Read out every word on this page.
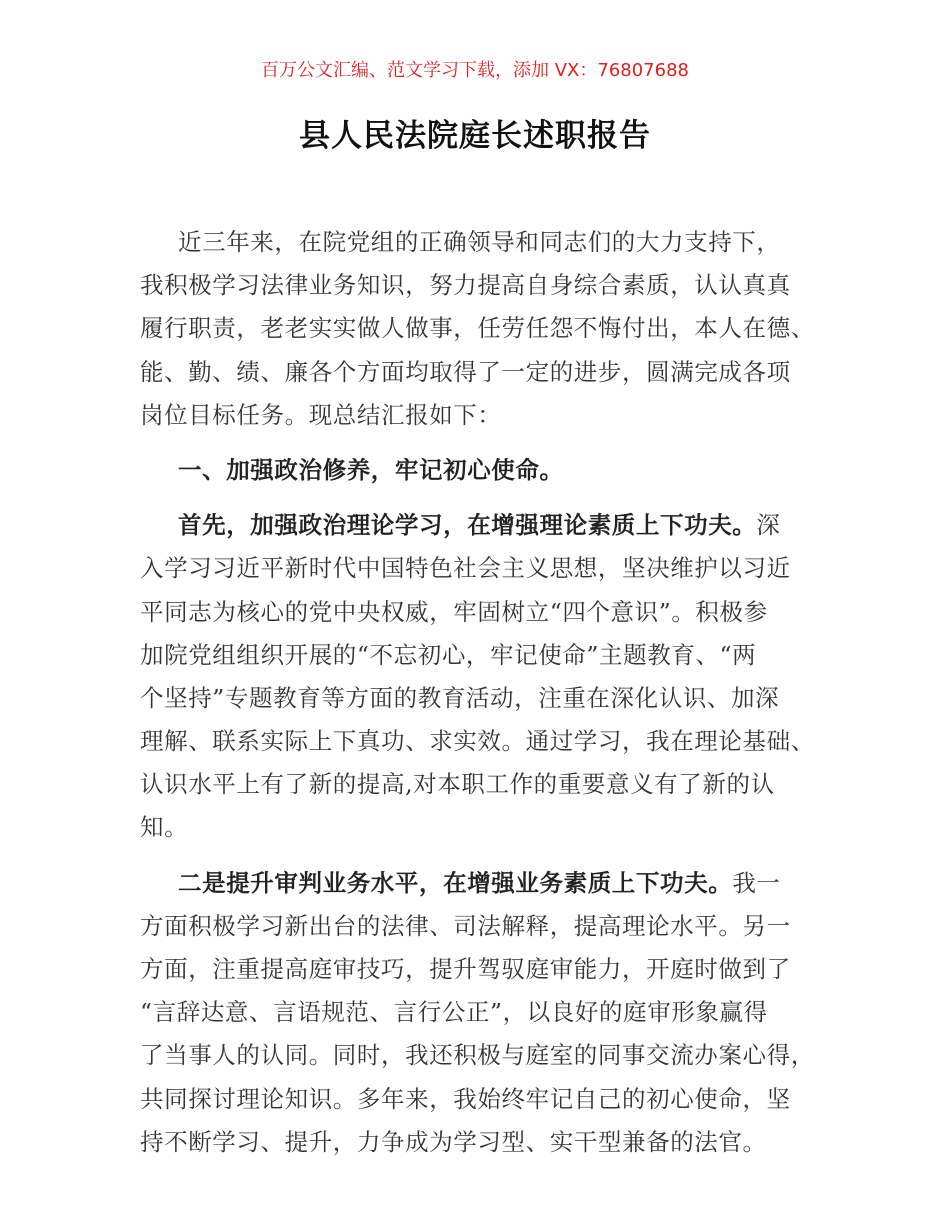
百万公文汇编、范文学习下载，添加 VX：76807688
县人民法院庭长述职报告
近三年来，在院党组的正确领导和同志们的大力支持下，
我积极学习法律业务知识，努力提高自身综合素质，认认真真
履行职责，老老实实做人做事，任劳任怨不悔付出，本人在德、
能、勤、绩、廉各个方面均取得了一定的进步，圆满完成各项
岗位目标任务。现总结汇报如下：
一、加强政治修养，牢记初心使命。
首先，加强政治理论学习，在增强理论素质上下功夫。深
入学习习近平新时代中国特色社会主义思想，坚决维护以习近
平同志为核心的党中央权威，牢固树立“四个意识”。积极参
加院党组组织开展的“不忘初心，牢记使命”主题教育、“两
个坚持”专题教育等方面的教育活动，注重在深化认识、加深
理解、联系实际上下真功、求实效。通过学习，我在理论基础、
认识水平上有了新的提高,对本职工作的重要意义有了新的认
知。
二是提升审判业务水平，在增强业务素质上下功夫。我一
方面积极学习新出台的法律、司法解释，提高理论水平。另一
方面，注重提高庭审技巧，提升驾驭庭审能力，开庭时做到了
“言辞达意、言语规范、言行公正”，以良好的庭审形象赢得
了当事人的认同。同时，我还积极与庭室的同事交流办案心得，
共同探讨理论知识。多年来，我始终牢记自己的初心使命，坚
持不断学习、提升，力争成为学习型、实干型兼备的法官。
